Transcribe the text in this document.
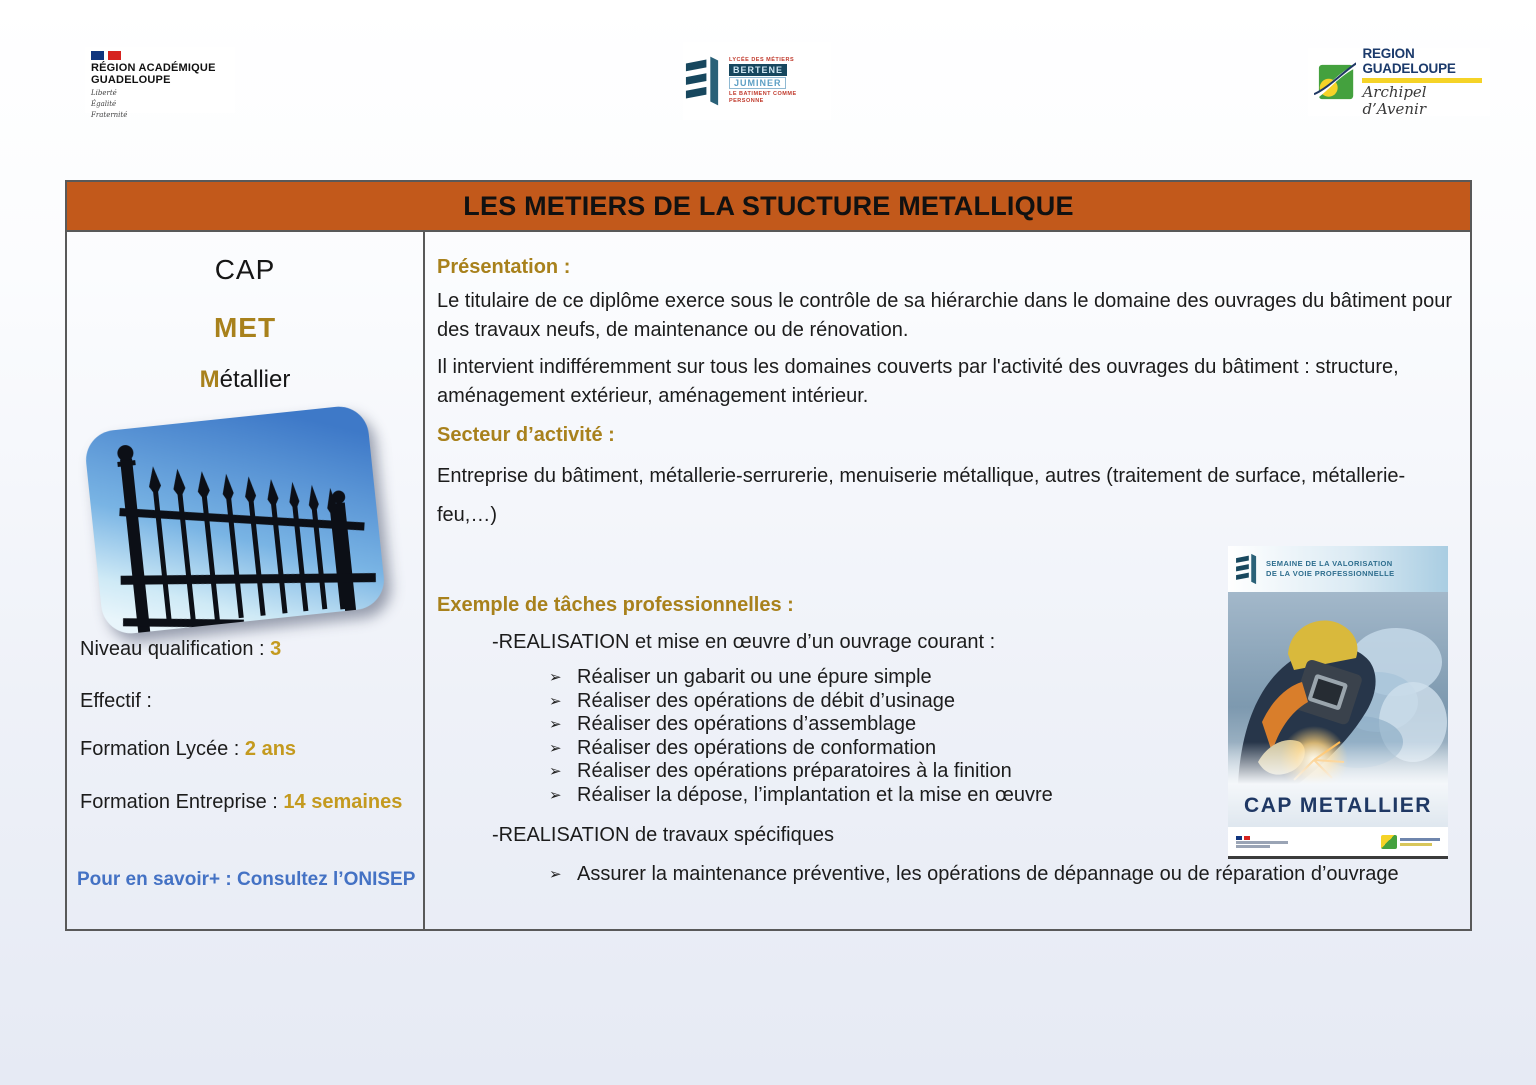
RÉGION ACADÉMIQUE
GUADELOUPE
Liberté
Égalité
Fraternité
LYCÉE DES MÉTIERS
BERTENE
JUMINER
LE BATIMENT COMME PERSONNE
REGION GUADELOUPE
Archipel d’Avenir
LES METIERS DE LA STUCTURE METALLIQUE
CAP
MET
Métallier
Niveau qualification : 3
Effectif :
Formation Lycée : 2 ans
Formation Entreprise : 14 semaines
Pour en savoir+ : Consultez l’ONISEP

Présentation :

Le titulaire de ce diplôme exerce sous le contrôle de sa hiérarchie dans le domaine des ouvrages du bâtiment pour des travaux neufs, de maintenance ou de rénovation.

Il intervient indifféremment sur tous les domaines couverts par l'activité des ouvrages du bâtiment : structure, aménagement extérieur, aménagement intérieur.

Secteur d’activité :

Entreprise du bâtiment, métallerie-serrurerie, menuiserie métallique, autres (traitement de surface, métallerie-feu,…)

Exemple de tâches professionnelles :

-REALISATION et mise en œuvre d’un ouvrage courant :

➢ Réaliser un gabarit ou une épure simple
➢ Réaliser des opérations de débit d’usinage
➢ Réaliser des opérations d’assemblage
➢ Réaliser des opérations de conformation
➢ Réaliser des opérations préparatoires à la finition
➢ Réaliser la dépose, l’implantation et la mise en œuvre

-REALISATION de travaux spécifiques

➢ Assurer la maintenance préventive, les opérations de dépannage ou de réparation d’ouvrage
SEMAINE DE LA VALORISATION
DE LA VOIE PROFESSIONNELLE
CAP METALLIER
